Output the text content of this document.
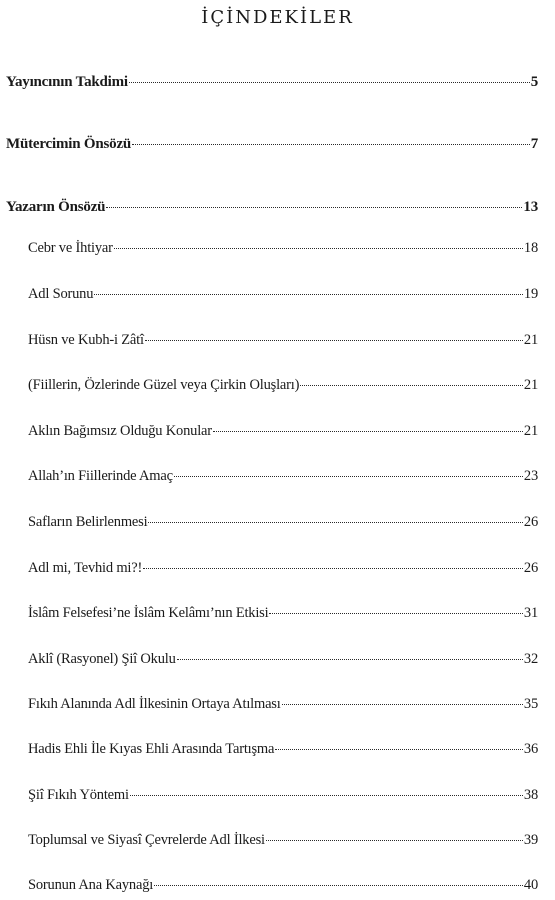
İÇİNDEKİLER
Yayıncının Takdimi	5
Mütercimin Önsözü	7
Yazarın Önsözü	13
Cebr ve İhtiyar	18
Adl Sorunu	19
Hüsn ve Kubh-i Zâtî	21
(Fiillerin, Özlerinde Güzel veya Çirkin Oluşları)	21
Aklın Bağımsız Olduğu Konular	21
Allah’ın Fiillerinde Amaç	23
Safların Belirlenmesi	26
Adl mi, Tevhid mi?!	26
İslâm Felsefesi’ne İslâm Kelâmı’nın Etkisi	31
Aklî (Rasyonel) Şiî Okulu	32
Fıkıh Alanında Adl İlkesinin Ortaya Atılması	35
Hadis Ehli İle Kıyas Ehli Arasında Tartışma	36
Şiî Fıkıh Yöntemi	38
Toplumsal ve Siyasî Çevrelerde Adl İlkesi	39
Sorunun Ana Kaynağı	40
